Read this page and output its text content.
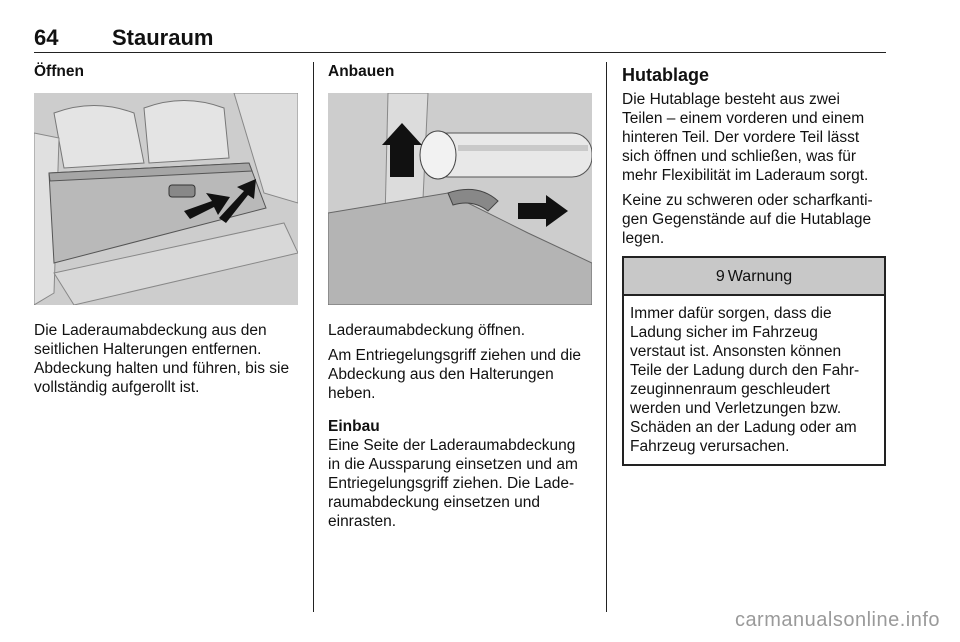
64 Stauraum
Öffnen

Die Laderaumabdeckung aus den
seitlichen Halterungen entfernen.
Abdeckung halten und führen, bis sie
vollständig aufgerollt ist.

Anbauen

Laderaumabdeckung öffnen.

Am Entriegelungsgriff ziehen und die
Abdeckung aus den Halterungen
heben.

Einbau

Eine Seite der Laderaumabdeckung
in die Aussparung einsetzen und am
Entriegelungsgriff ziehen. Die Lade-
raumabdeckung einsetzen und
einrasten.

Hutablage

Die Hutablage besteht aus zwei
Teilen – einem vorderen und einem
hinteren Teil. Der vordere Teil lässt
sich öffnen und schließen, was für
mehr Flexibilität im Laderaum sorgt.

Keine zu schweren oder scharfkanti-
gen Gegenstände auf die Hutablage
legen.

9 Warnung
Immer dafür sorgen, dass die
Ladung sicher im Fahrzeug
verstaut ist. Ansonsten können
Teile der Ladung durch den Fahr-
zeuginnenraum geschleudert
werden und Verletzungen bzw.
Schäden an der Ladung oder am
Fahrzeug verursachen.
carmanualsonline.info
